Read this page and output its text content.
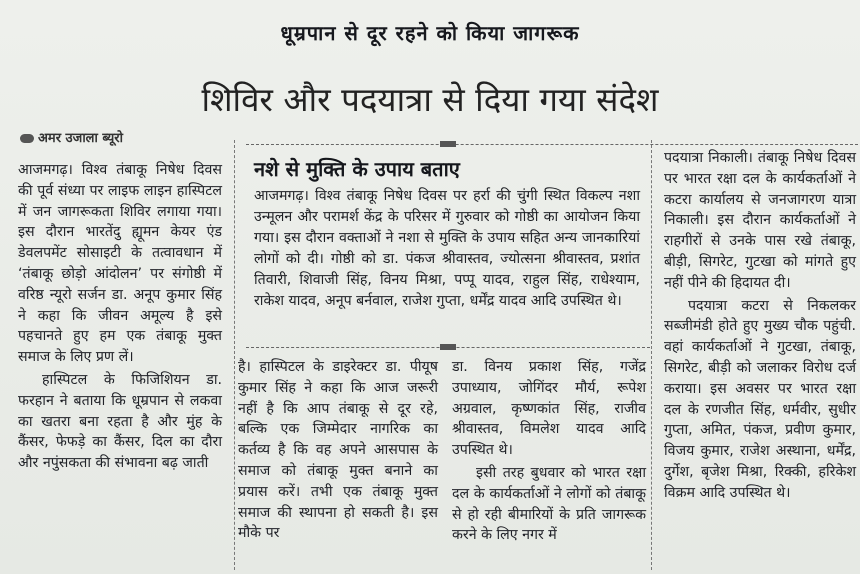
धूम्रपान से दूर रहने को किया जागरूक
शिविर और पदयात्रा से दिया गया संदेश
अमर उजाला ब्यूरो

आजमगढ़। विश्व तंबाकू निषेध दिवस की पूर्व संध्या पर लाइफ लाइन हास्पिटल में जन जागरूकता शिविर लगाया गया। इस दौरान भारतेंदु ह्यूमन केयर एंड डेवलपमेंट सोसाइटी के तत्वावधान में ‘तंबाकू छोड़ो आंदोलन’ पर संगोष्ठी में वरिष्ठ न्यूरो सर्जन डा. अनूप कुमार सिंह ने कहा कि जीवन अमूल्य है इसे पहचानते हुए हम एक तंबाकू मुक्त समाज के लिए प्रण लें।

हास्पिटल के फिजिशियन डा. फरहान ने बताया कि धूम्रपान से लकवा का खतरा बना रहता है और मुंह के कैंसर, फेफड़े का कैंसर, दिल का दौरा और नपुंसकता की संभावना बढ़ जाती

नशे से मुक्ति के उपाय बताए
आजमगढ़। विश्व तंबाकू निषेध दिवस पर हर्रा की चुंगी स्थित विकल्प नशा उन्मूलन और परामर्श केंद्र के परिसर में गुरुवार को गोष्ठी का आयोजन किया गया। इस दौरान वक्ताओं ने नशा से मुक्ति के उपाय सहित अन्य जानकारियां लोगों को दी। गोष्ठी को डा. पंकज श्रीवास्तव, ज्योत्सना श्रीवास्तव, प्रशांत तिवारी, शिवाजी सिंह, विनय मिश्रा, पप्पू यादव, राहुल सिंह, राधेश्याम, राकेश यादव, अनूप बर्नवाल, राजेश गुप्ता, धर्मेंद्र यादव आदि उपस्थित थे।

है। हास्पिटल के डाइरेक्टर डा. पीयूष कुमार सिंह ने कहा कि आज जरूरी नहीं है कि आप तंबाकू से दूर रहे, बल्कि एक जिम्मेदार नागरिक का कर्तव्य है कि वह अपने आसपास के समाज को तंबाकू मुक्त बनाने का प्रयास करें। तभी एक तंबाकू मुक्त समाज की स्थापना हो सकती है। इस मौके पर

डा. विनय प्रकाश सिंह, गजेंद्र उपाध्याय, जोगिंदर मौर्य, रूपेश अग्रवाल, कृष्णकांत सिंह, राजीव श्रीवास्तव, विमलेश यादव आदि उपस्थित थे।

इसी तरह बुधवार को भारत रक्षा दल के कार्यकर्ताओं ने लोगों को तंबाकू से हो रही बीमारियों के प्रति जागरूक करने के लिए नगर में

पदयात्रा निकाली। तंबाकू निषेध दिवस पर भारत रक्षा दल के कार्यकर्ताओं ने कटरा कार्यालय से जनजागरण यात्रा निकाली। इस दौरान कार्यकर्ताओं ने राहगीरों से उनके पास रखे तंबाकू, बीड़ी, सिगरेट, गुटखा को मांगते हुए नहीं पीने की हिदायत दी।

पदयात्रा कटरा से निकलकर सब्जीमंडी होते हुए मुख्य चौक पहुंची. वहां कार्यकर्ताओं ने गुटखा, तंबाकू, सिगरेट, बीड़ी को जलाकर विरोध दर्ज कराया। इस अवसर पर भारत रक्षा दल के रणजीत सिंह, धर्मवीर, सुधीर गुप्ता, अमित, पंकज, प्रवीण कुमार, विजय कुमार, राजेश अस्थाना, धर्मेंद्र, दुर्गेश, बृजेश मिश्रा, रिक्की, हरिकेश विक्रम आदि उपस्थित थे।
